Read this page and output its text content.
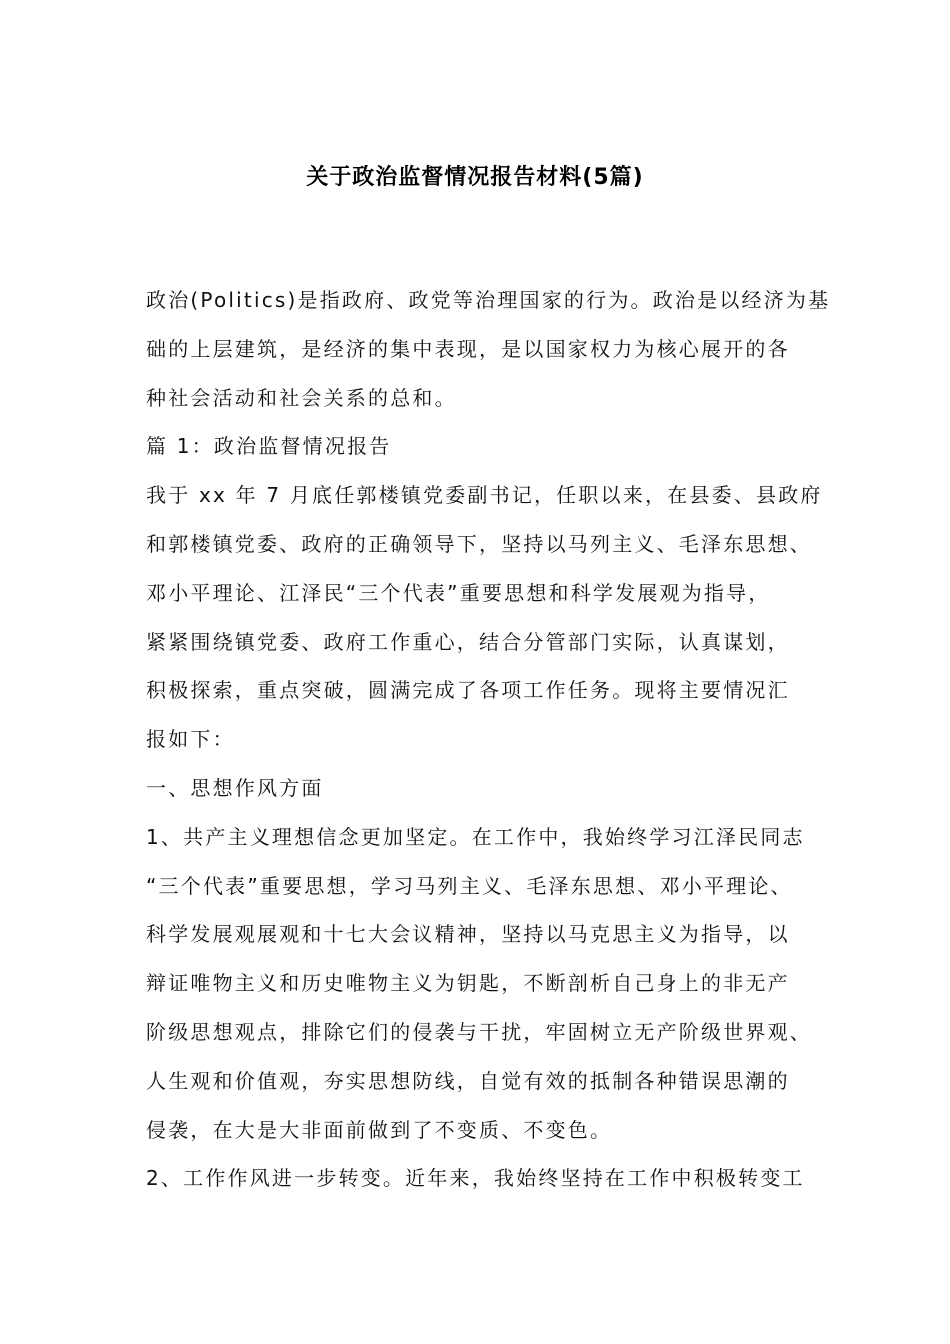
关于政治监督情况报告材料(5篇)
政治(Politics)是指政府、政党等治理国家的行为。政治是以经济为基
础的上层建筑，是经济的集中表现，是以国家权力为核心展开的各
种社会活动和社会关系的总和。
篇 1：政治监督情况报告
我于 xx 年 7 月底任郭楼镇党委副书记，任职以来，在县委、县政府
和郭楼镇党委、政府的正确领导下，坚持以马列主义、毛泽东思想、
邓小平理论、江泽民“三个代表”重要思想和科学发展观为指导，
紧紧围绕镇党委、政府工作重心，结合分管部门实际，认真谋划，
积极探索，重点突破，圆满完成了各项工作任务。现将主要情况汇
报如下：
一、思想作风方面
1、共产主义理想信念更加坚定。在工作中，我始终学习江泽民同志
“三个代表”重要思想，学习马列主义、毛泽东思想、邓小平理论、
科学发展观展观和十七大会议精神，坚持以马克思主义为指导，以
辩证唯物主义和历史唯物主义为钥匙，不断剖析自己身上的非无产
阶级思想观点，排除它们的侵袭与干扰，牢固树立无产阶级世界观、
人生观和价值观，夯实思想防线，自觉有效的抵制各种错误思潮的
侵袭，在大是大非面前做到了不变质、不变色。
2、工作作风进一步转变。近年来，我始终坚持在工作中积极转变工
